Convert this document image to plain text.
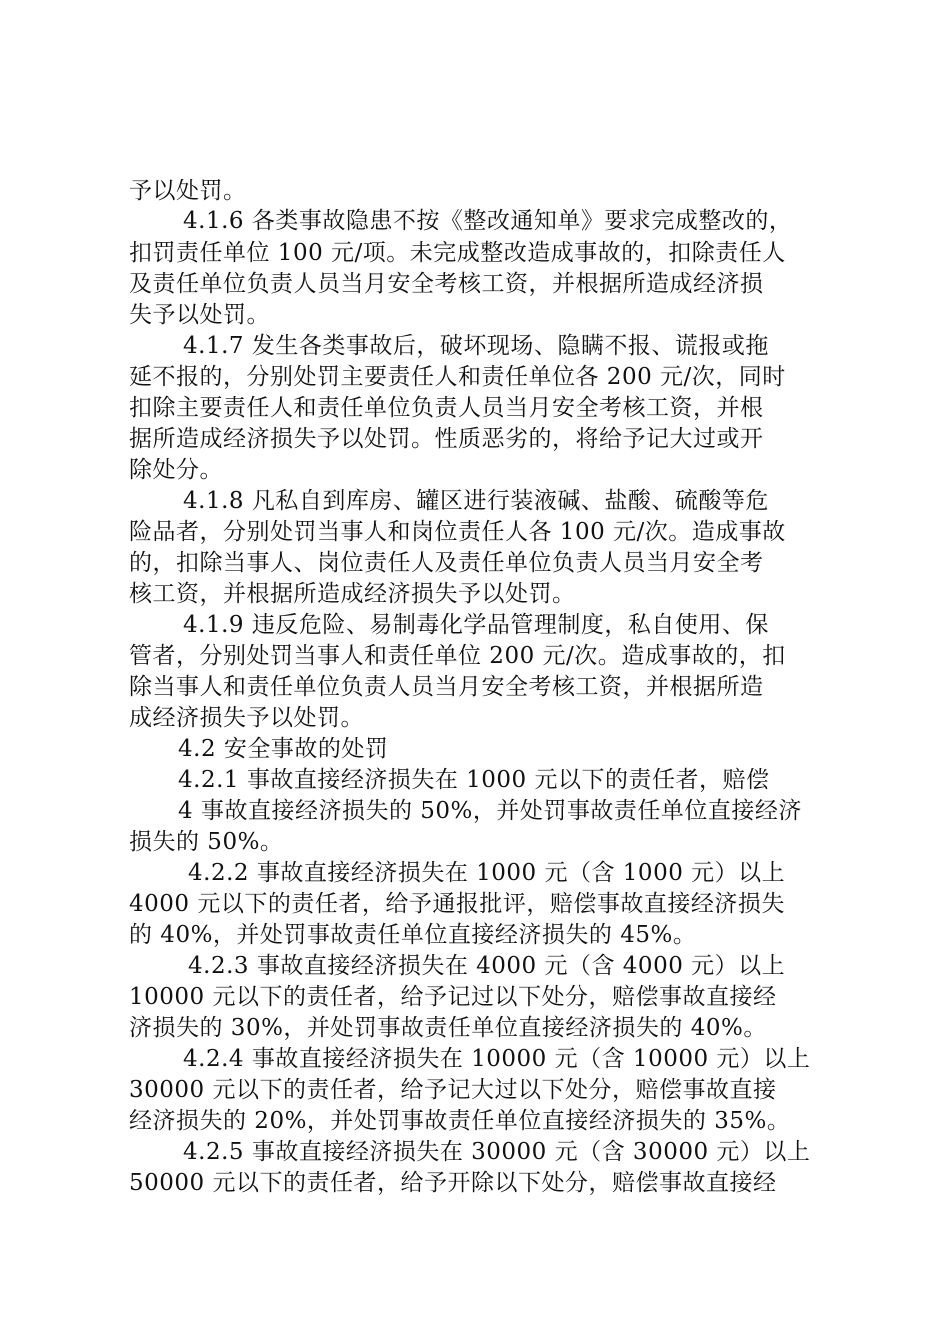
予以处罚。
4.1.6 各类事故隐患不按《整改通知单》要求完成整改的，
扣罚责任单位 100 元/项。未完成整改造成事故的，扣除责任人
及责任单位负责人员当月安全考核工资，并根据所造成经济损
失予以处罚。
4.1.7 发生各类事故后，破坏现场、隐瞒不报、谎报或拖
延不报的，分别处罚主要责任人和责任单位各 200 元/次，同时
扣除主要责任人和责任单位负责人员当月安全考核工资，并根
据所造成经济损失予以处罚。性质恶劣的，将给予记大过或开
除处分。
4.1.8 凡私自到库房、罐区进行装液碱、盐酸、硫酸等危
险品者，分别处罚当事人和岗位责任人各 100 元/次。造成事故
的，扣除当事人、岗位责任人及责任单位负责人员当月安全考
核工资，并根据所造成经济损失予以处罚。
4.1.9 违反危险、易制毒化学品管理制度，私自使用、保
管者，分别处罚当事人和责任单位 200 元/次。造成事故的，扣
除当事人和责任单位负责人员当月安全考核工资，并根据所造
成经济损失予以处罚。
4.2 安全事故的处罚
4.2.1 事故直接经济损失在 1000 元以下的责任者，赔偿
4 事故直接经济损失的 50%，并处罚事故责任单位直接经济
损失的 50%。
4.2.2 事故直接经济损失在 1000 元（含 1000 元）以上
4000 元以下的责任者，给予通报批评，赔偿事故直接经济损失
的 40%，并处罚事故责任单位直接经济损失的 45%。
4.2.3 事故直接经济损失在 4000 元（含 4000 元）以上
10000 元以下的责任者，给予记过以下处分，赔偿事故直接经
济损失的 30%，并处罚事故责任单位直接经济损失的 40%。
4.2.4 事故直接经济损失在 10000 元（含 10000 元）以上
30000 元以下的责任者，给予记大过以下处分，赔偿事故直接
经济损失的 20%，并处罚事故责任单位直接经济损失的 35%。
4.2.5 事故直接经济损失在 30000 元（含 30000 元）以上
50000 元以下的责任者，给予开除以下处分，赔偿事故直接经
